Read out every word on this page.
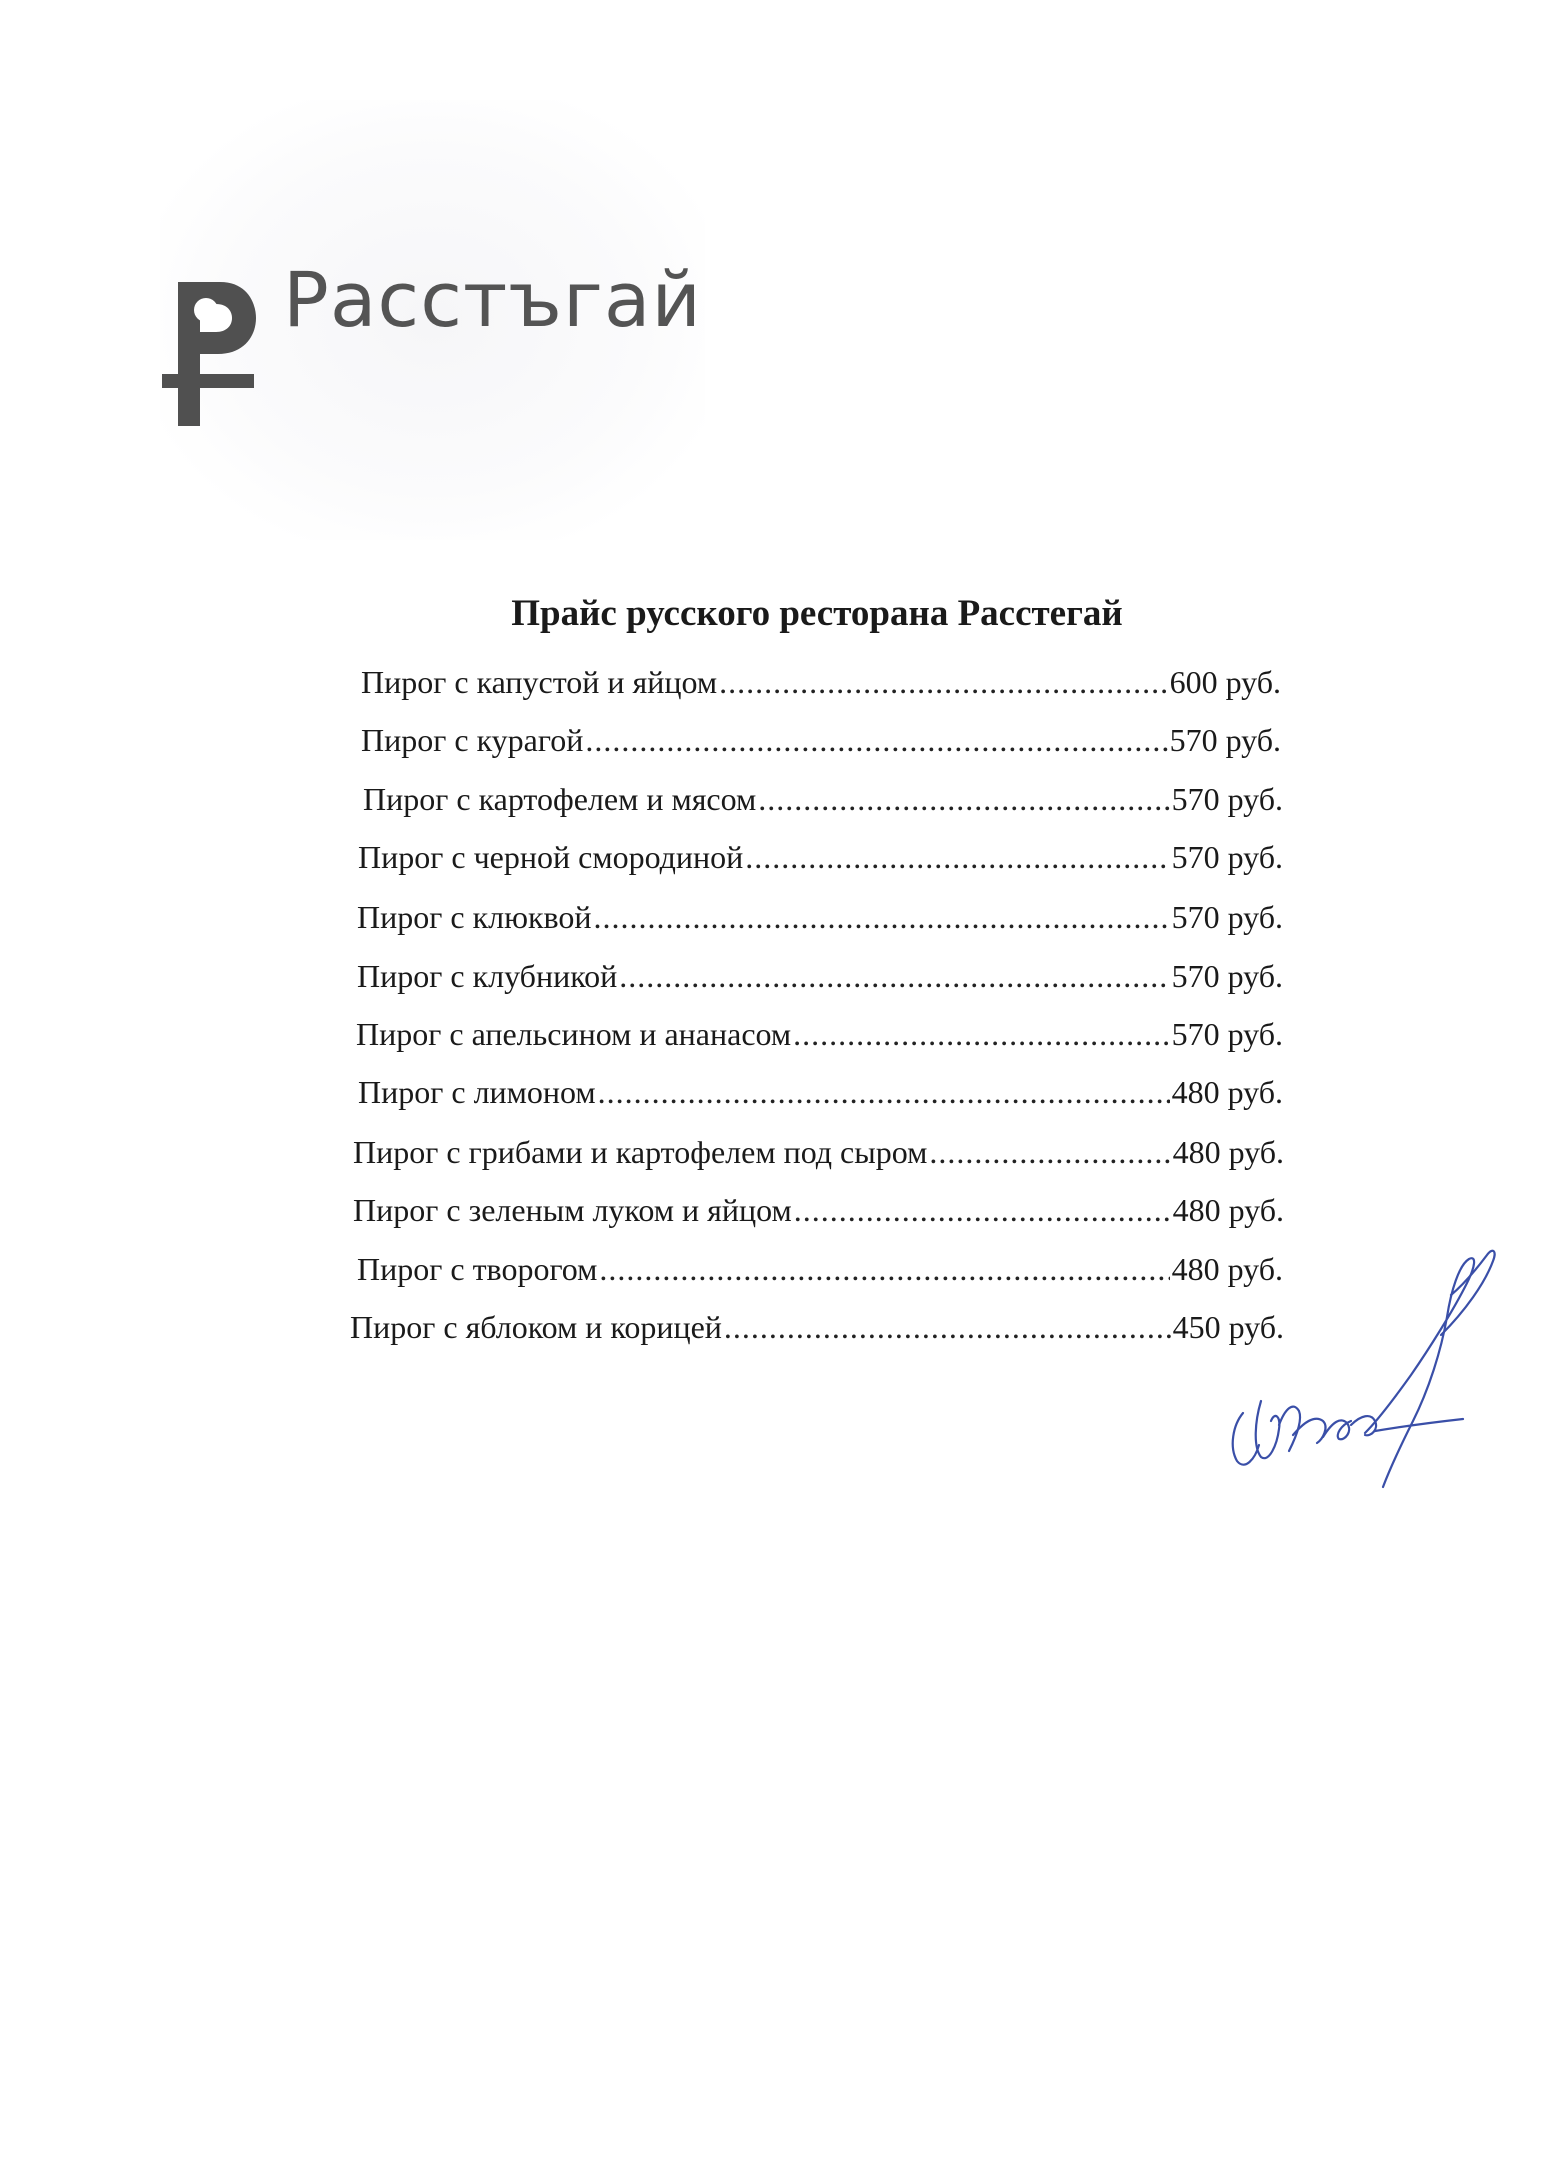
Расстъгай
Прайс русского ресторана Расстегай
Пирог с капустой и яйцом .....	600 руб.
Пирог с курагой .....	570 руб.
Пирог с картофелем и мясом .....	570 руб.
Пирог с черной смородиной .....	570 руб.
Пирог с клюквой .....	570 руб.
Пирог с клубникой .....	570 руб.
Пирог с апельсином и ананасом .....	570 руб.
Пирог с лимоном .....	480 руб.
Пирог с грибами и картофелем под сыром .....	480 руб.
Пирог с зеленым луком и яйцом .....	480 руб.
Пирог с творогом .....	480 руб.
Пирог с яблоком и корицей .....	450 руб.
